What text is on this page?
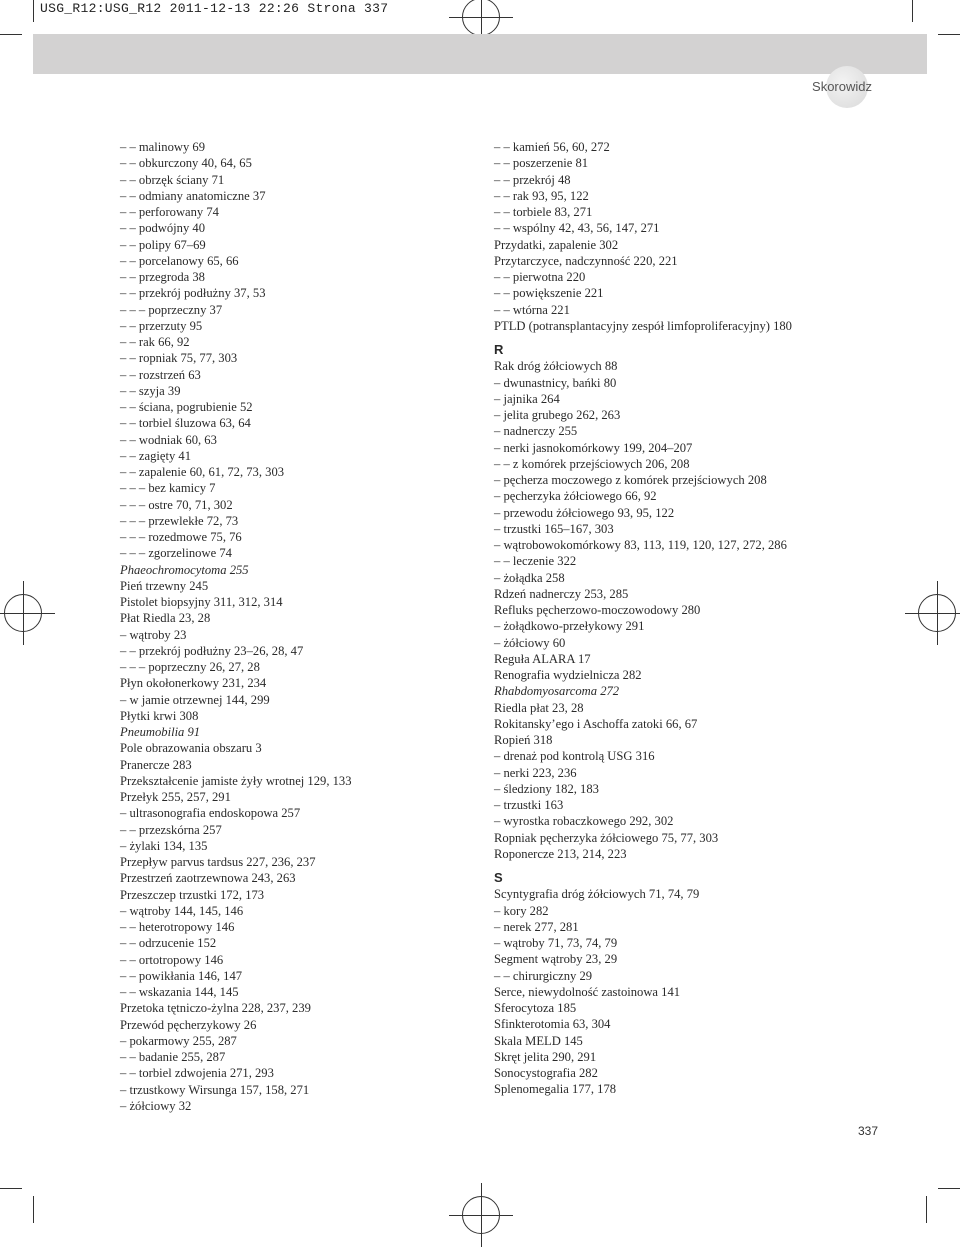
USG_R12:USG_R12 2011-12-13 22:26 Strona 337
Skorowidz
– – malinowy 69
– – obkurczony 40, 64, 65
– – obrzęk ściany 71
– – odmiany anatomiczne 37
– – perforowany 74
– – podwójny 40
– – polipy 67–69
– – porcelanowy 65, 66
– – przegroda 38
– – przekrój podłużny 37, 53
– – – poprzeczny 37
– – przerzuty 95
– – rak 66, 92
– – ropniak 75, 77, 303
– – rozstrzeń 63
– – szyja 39
– – ściana, pogrubienie 52
– – torbiel śluzowa 63, 64
– – wodniak 60, 63
– – zagięty 41
– – zapalenie 60, 61, 72, 73, 303
– – – bez kamicy 7
– – – ostre 70, 71, 302
– – – przewlekłe 72, 73
– – – rozedmowe 75, 76
– – – zgorzelinowe 74
Phaeochromocytoma 255
Pień trzewny 245
Pistolet biopsyjny 311, 312, 314
Płat Riedla 23, 28
– wątroby 23
– – przekrój podłużny 23–26, 28, 47
– – – poprzeczny 26, 27, 28
Płyn okołonerkowy 231, 234
– w jamie otrzewnej 144, 299
Płytki krwi 308
Pneumobilia 91
Pole obrazowania obszaru 3
Pranercze 283
Przekształcenie jamiste żyły wrotnej 129, 133
Przełyk 255, 257, 291
– ultrasonografia endoskopowa 257
– – przezskórna 257
– żylaki 134, 135
Przepływ parvus tardsus 227, 236, 237
Przestrzeń zaotrzewnowa 243, 263
Przeszczep trzustki 172, 173
– wątroby 144, 145, 146
– – heterotropowy 146
– – odrzucenie 152
– – ortotropowy 146
– – powikłania 146, 147
– – wskazania 144, 145
Przetoka tętniczo-żylna 228, 237, 239
Przewód pęcherzykowy 26
– pokarmowy 255, 287
– – badanie 255, 287
– – torbiel zdwojenia 271, 293
– trzustkowy Wirsunga 157, 158, 271
– żółciowy 32
– – kamień 56, 60, 272
– – poszerzenie 81
– – przekrój 48
– – rak 93, 95, 122
– – torbiele 83, 271
– – wspólny 42, 43, 56, 147, 271
Przydatki, zapalenie 302
Przytarczyce, nadczynność 220, 221
– – pierwotna 220
– – powiększenie 221
– – wtórna 221
PTLD (potransplantacyjny zespół limfoproliferacyjny) 180
R
Rak dróg żółciowych 88
– dwunastnicy, bańki 80
– jajnika 264
– jelita grubego 262, 263
– nadnerczy 255
– nerki jasnokomórkowy 199, 204–207
– – z komórek przejściowych 206, 208
– pęcherza moczowego z komórek przejściowych 208
– pęcherzyka żółciowego 66, 92
– przewodu żółciowego 93, 95, 122
– trzustki 165–167, 303
– wątrobowokomórkowy 83, 113, 119, 120, 127, 272, 286
– – leczenie 322
– żołądka 258
Rdzeń nadnerczy 253, 285
Refluks pęcherzowo-moczowodowy 280
– żołądkowo-przełykowy 291
– żółciowy 60
Reguła ALARA 17
Renografia wydzielnicza 282
Rhabdomyosarcoma 272
Riedla płat 23, 28
Rokitansky’ego i Aschoffa zatoki 66, 67
Ropień 318
– drenaż pod kontrolą USG 316
– nerki 223, 236
– śledziony 182, 183
– trzustki 163
– wyrostka robaczkowego 292, 302
Ropniak pęcherzyka żółciowego 75, 77, 303
Roponercze 213, 214, 223
S
Scyntygrafia dróg żółciowych 71, 74, 79
– kory 282
– nerek 277, 281
– wątroby 71, 73, 74, 79
Segment wątroby 23, 29
– – chirurgiczny 29
Serce, niewydolność zastoinowa 141
Sferocytoza 185
Sfinkterotomia 63, 304
Skala MELD 145
Skręt jelita 290, 291
Sonocystografia 282
Splenomegalia 177, 178
337
